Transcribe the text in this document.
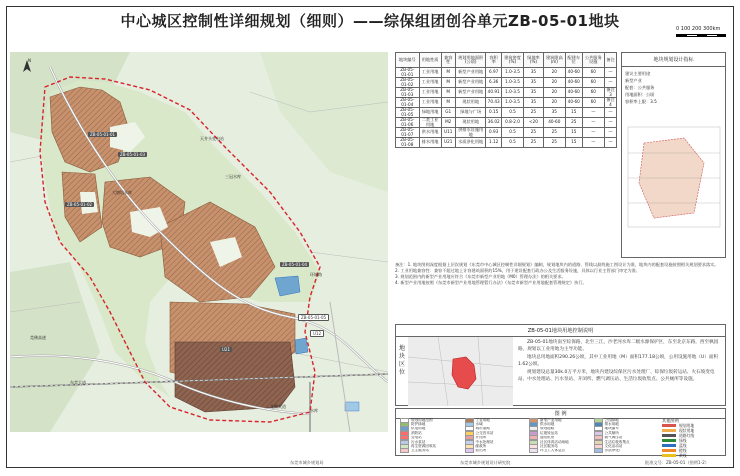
中心城区控制性详细规划（细则）——综保组团创谷单元ZB-05-01地块	0 100 200 300km
N
天井头变电站
三冠水库
大塘坑水库
水库
莞佛高速
东莞大道
龙腾大道
环城路
ZB-05-01-01
ZB-05-01-02
ZB-05-01-03
ZB-05-01-04
ZB-05-01-05
U12
U21
地块编号	用地性质	兼容性	规划用地面积(公顷)	容积率	建筑密度(%)	绿地率(%)	建筑限高(m)	配建车位	公共服务设施	备注
ZB-05-01-01	工业用地	M	新型产业用地	6.97	1.0-3.5	35	20	40-60	60	—
ZB-05-01-02	工业用地	M	新型产业用地	6.36	1.0-3.5	35	20	40-60	60	—
ZB-05-01-03	工业用地	M	新型产业用地	40.91	1.0-3.5	35	20	40-60	60	备注3
ZB-05-01-04	工业用地	M	现状用地	70.43	1.0-3.5	35	20	40-60	60	备注4
ZB-05-01-05	绿地用地	G1	绿地与广场	0.15	0.5	25	35	15	—	—
ZB-05-01-06	二类工业用地	M2	现状用地	36.02	0.8-2.0	<20	40-60	25	—	—
ZB-05-01-07	供水用地	U11	供排水设施用地	0.93	0.5	25	25	15	—	—
ZB-05-01-08	排水用地	U21	水质净化用地	1.12	0.5	25	25	15	—	—
地块规划设计指标
建议主要用途
新型产业
配套：公共服务
用地面积：公顷
容积率上限：3.5

备注：1. 地块图则深度根据上层次规划《东莞市中心城区控制性详细规划》编制，规划地块内的道路、管线以最终施工图设计为准，地块内的配套设施按照相关规划要求落实。

2. 工业用地兼容性：兼容不超过地上计容建筑面积的15%，用于建设配套行政办公及生活服务设施，具体以行业主管部门审定为准。

3. 规划范围内的新型产业用地应符合《东莞市新型产业用地（M0）管理办法》的相关要求。

4. 新型产业用地按照《东莞市新型产业用地管理暂行办法》《东莞市新型产业用地配套管理规定》执行。

ZB-05-01地块用地控制说明
地块区位

ZB-05-01地块南至综保路，北至三江，沙老河水库二级水源保护区，东至北京东路，西至枫园路。规划以工业用地为主导功能。

地块总用地面积290.26公顷，其中工业用地（M）面积177.18公顷，公用设施用地（U）面积1.62公顷。

规划建设总量30k.0万平方米，地块内建设综保区污水处理厂、综保垃圾转运站、火石坡变电站、中水处理站、污水泵站、开闭所、燃气调压站、生活垃圾收集点、公共厕所等设施。

图 例
规划用地范围	工业用地	新型产业用地	公园绿地
防护绿地	水域	供水用地	排水用地
供电用地	城市道路	规划道路	地块编号
消防站	公交首末站	垃圾转运站	公共厕所
变电站	开闭所	通信机房	燃气调压站
污水泵站	中水处理站	社区体育活动场地	生活垃圾收集点
再生资源回收站	邮政所	社区服务站	文化活动站
卫生服务站	派出所	环卫工人休息点	水质净化厂
其他图例
规划用地
现状用地
道路红线
绿线
蓝线
橙线
黄线
东莞市城乡规划局	东莞市城乡规划设计研究院	批准文号：ZB-05-01（图例1-2）
